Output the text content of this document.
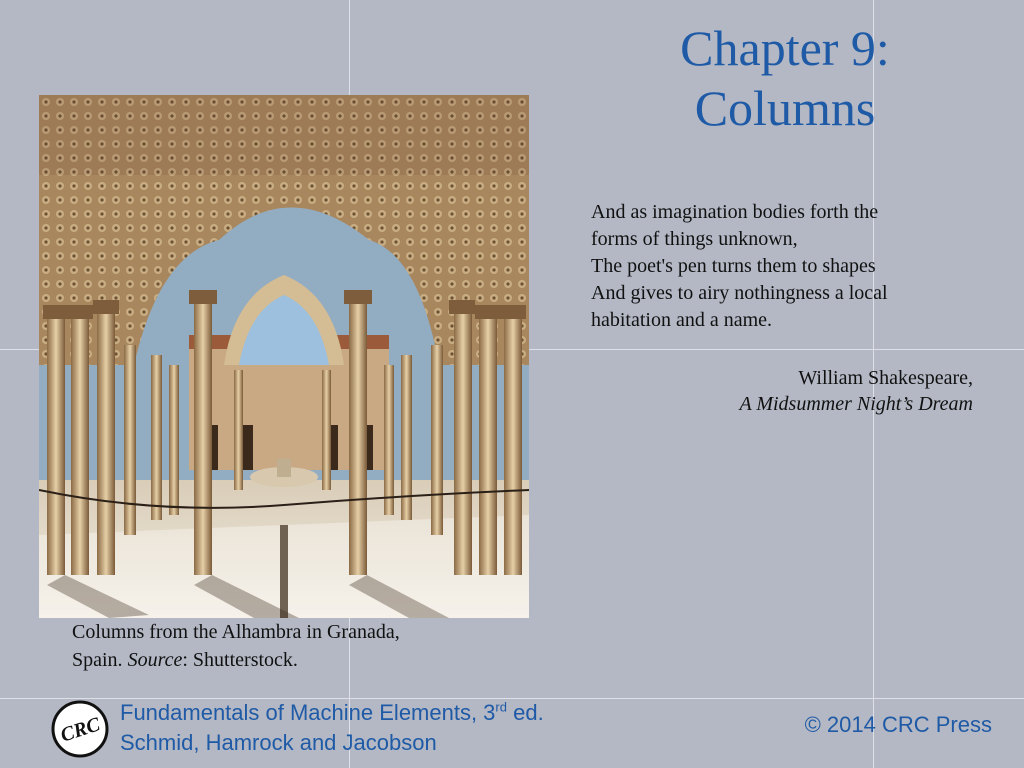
Chapter 9:
Columns
And as imagination bodies forth the
forms of things unknown,
The poet's pen turns them to shapes
And gives to airy nothingness a local
habitation and a name.
William Shakespeare,
A Midsummer Night’s Dream
Columns from the Alhambra in Granada,
Spain. Source: Shutterstock.
CRC
Fundamentals of Machine Elements, 3rd ed.
Schmid, Hamrock and Jacobson
© 2014 CRC Press
